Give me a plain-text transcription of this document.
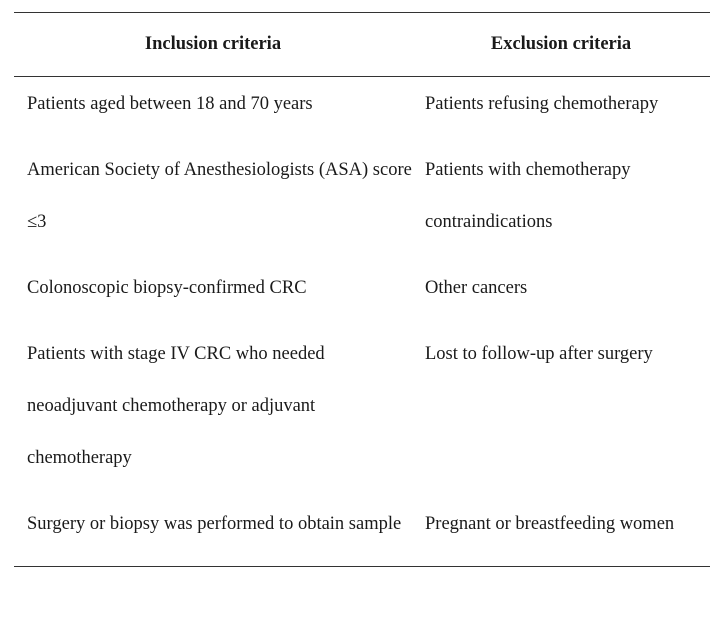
Inclusion criteria	Exclusion criteria
Patients aged between 18 and 70 years	Patients refusing chemotherapy
American Society of Anesthesiologists (ASA) score ≤3	Patients with chemotherapy contraindications
Colonoscopic biopsy-confirmed CRC	Other cancers
Patients with stage IV CRC who needed neoadjuvant chemotherapy or adjuvant chemotherapy	Lost to follow-up after surgery
Surgery or biopsy was performed to obtain sample	Pregnant or breastfeeding women
